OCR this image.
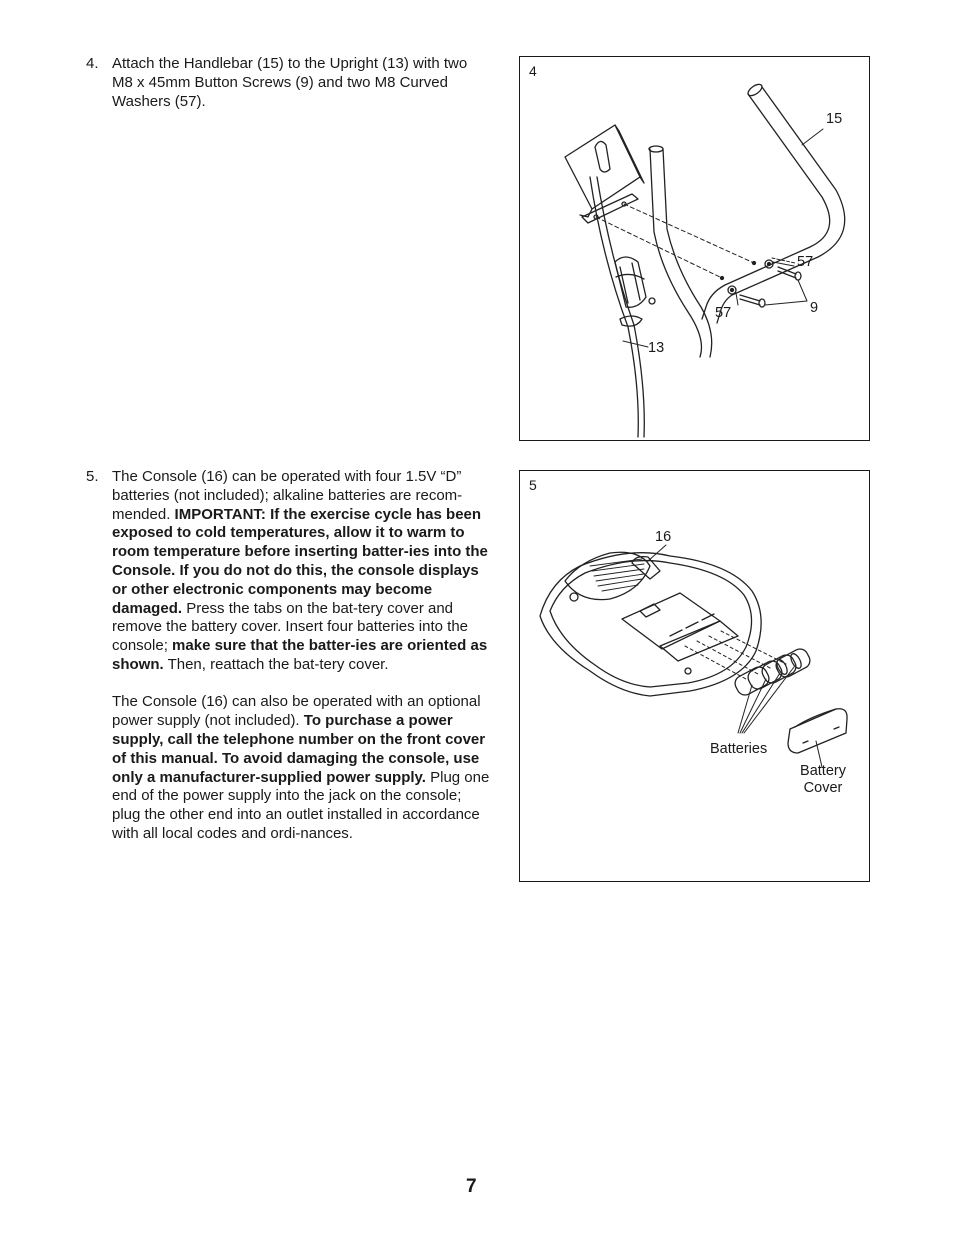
4. Attach the Handlebar (15) to the Upright (13) with two M8 x 45mm Button Screws (9) and two M8 Curved Washers (57).

4
15
57
57	9
13
5. The Console (16) can be operated with four 1.5V “D” batteries (not included); alkaline batteries are recom-mended. IMPORTANT: If the exercise cycle has been exposed to cold temperatures, allow it to warm to room temperature before inserting batter-ies into the Console. If you do not do this, the console displays or other electronic components may become damaged. Press the tabs on the bat-tery cover and remove the battery cover. Insert four batteries into the console; make sure that the batter-ies are oriented as shown. Then, reattach the bat-tery cover.

The Console (16) can also be operated with an optional power supply (not included). To purchase a power supply, call the telephone number on the front cover of this manual. To avoid damaging the console, use only a manufacturer-supplied power supply. Plug one end of the power supply into the jack on the console; plug the other end into an outlet installed in accordance with all local codes and ordi-nances.

5
16
Batteries
Battery
Cover
7
